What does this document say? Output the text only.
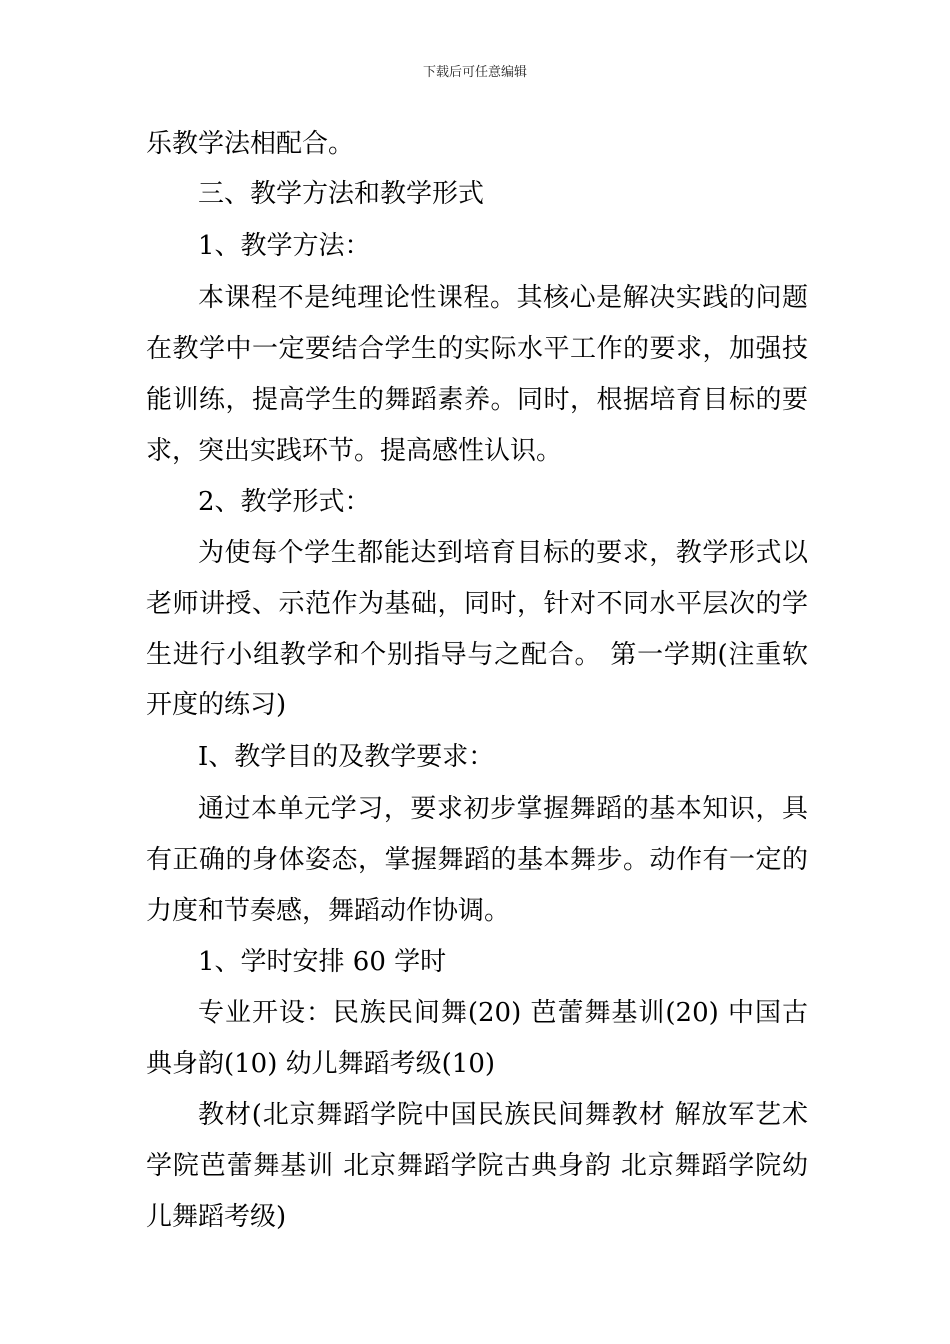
下载后可任意编辑
乐教学法相配合。
三、教学方法和教学形式
1、教学方法：
本课程不是纯理论性课程。其核心是解决实践的问题
在教学中一定要结合学生的实际水平工作的要求，加强技
能训练，提高学生的舞蹈素养。同时，根据培育目标的要
求，突出实践环节。提高感性认识。
2、教学形式：
为使每个学生都能达到培育目标的要求，教学形式以
老师讲授、示范作为基础，同时，针对不同水平层次的学
生进行小组教学和个别指导与之配合。 第一学期(注重软
开度的练习)
Ⅰ、教学目的及教学要求：
通过本单元学习，要求初步掌握舞蹈的基本知识，具
有正确的身体姿态，掌握舞蹈的基本舞步。动作有一定的
力度和节奏感，舞蹈动作协调。
1、学时安排 60 学时
专业开设：民族民间舞(20) 芭蕾舞基训(20) 中国古
典身韵(10) 幼儿舞蹈考级(10)
教材(北京舞蹈学院中国民族民间舞教材 解放军艺术
学院芭蕾舞基训 北京舞蹈学院古典身韵 北京舞蹈学院幼
儿舞蹈考级)
